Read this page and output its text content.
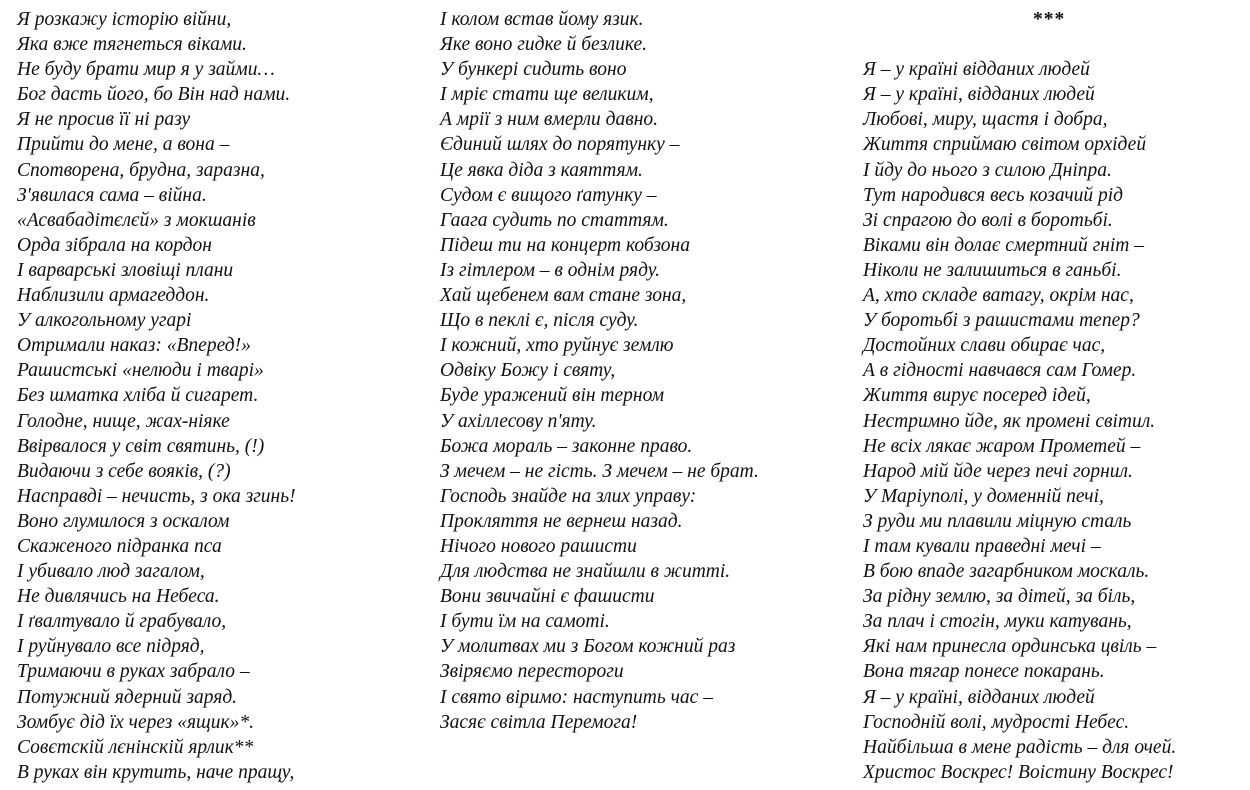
Я розкажу історію війни,
Яка вже тягнеться віками.
Не буду брати мир я у займи…
Бог дасть його, бо Він над нами.
Я не просив її ні разу
Прийти до мене, а вона –
Спотворена, брудна, заразна,
З'явилася сама – війна.
«Асвабадітєлєй» з мокшанів
Орда зібрала на кордон
І варварські зловіщі плани
Наблизили армагеддон.
У алкогольному угарі
Отримали наказ: «Вперед!»
Рашистські «нелюди і тварі»
Без шматка хліба й сигарет.
Голодне, нище, жах-ніяке
Ввірвалося у світ святинь, (!)
Видаючи з себе вояків, (?)
Насправді – нечисть, з ока згинь!
Воно глумилося з оскалом
Скаженого підранка пса
І убивало люд загалом,
Не дивлячись на Небеса.
І ґвалтувало й грабувало,
І руйнувало все підряд,
Тримаючи в руках забрало –
Потужний ядерний заряд.
Зомбує дід їх через «ящик»*.
Совєтскій лєнінскій ярлик**
В руках він крутить, наче пращу,
І колом встав йому язик.
Яке воно гидке й безлике.
У бункері сидить воно
І мріє стати ще великим,
А мрії з ним вмерли давно.
Єдиний шлях до порятунку –
Це явка діда з каяттям.
Судом є вищого ґатунку –
Гаага судить по статтям.
Підеш ти на концерт кобзона
Із гітлером – в однім ряду.
Хай щебенем вам стане зона,
Що в пеклі є, після суду.
І кожний, хто руйнує землю
Одвіку Божу і святу,
Буде уражений він терном
У ахіллесову п'яту.
Божа мораль – законне право.
З мечем – не гість. З мечем – не брат.
Господь знайде на злих управу:
Прокляття не вернеш назад.
Нічого нового рашисти
Для людства не знайшли в житті.
Вони звичайні є фашисти
І бути їм на самоті.
У молитвах ми з Богом кожний раз
Звіряємо перестороги
І свято віримо: наступить час –
Засяє світла Перемога!
***
Я – у країні відданих людей
Я – у країні, відданих людей
Любові, миру, щастя і добра,
Життя сприймаю світом орхідей
І йду до нього з силою Дніпра.
Тут народився весь козачий рід
Зі спрагою до волі в боротьбі.
Віками він долає смертний гніт –
Ніколи не залишиться в ганьбі.
А, хто складе ватагу, окрім нас,
У боротьбі з рашистами тепер?
Достойних слави обирає час,
А в гідності навчався сам Гомер.
Життя вирує посеред ідей,
Нестримно йде, як промені світил.
Не всіх лякає жаром Прометей –
Народ мій йде через печі горнил.
У Маріуполі, у доменній печі,
З руди ми плавили міцную сталь
І там кували праведні мечі –
В бою впаде загарбником москаль.
За рідну землю, за дітей, за біль,
За плач і стогін, муки катувань,
Які нам принесла ординська цвіль –
Вона тягар понесе покарань.
Я – у країні, відданих людей
Господній волі, мудрості Небес.
Найбільша в мене радість – для очей.
Христос Воскрес! Воістину Воскрес!
